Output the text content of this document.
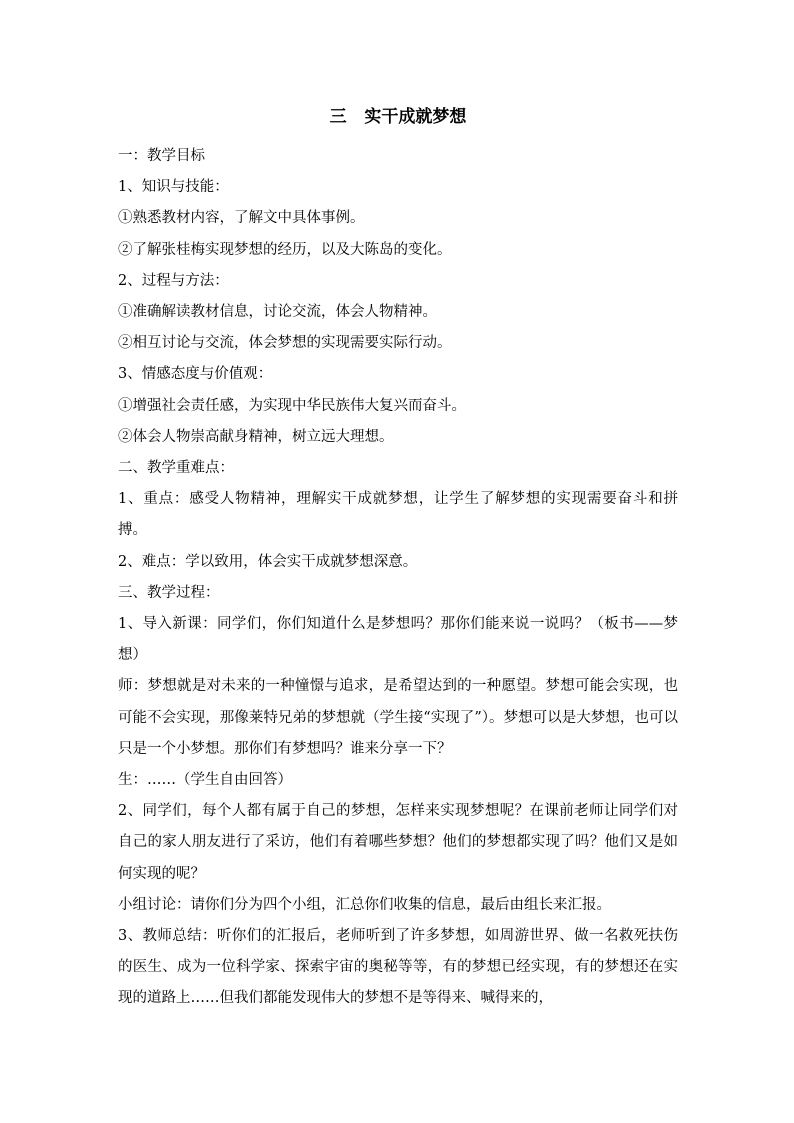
三   实干成就梦想

一：教学目标

1、知识与技能：

①熟悉教材内容，了解文中具体事例。

②了解张桂梅实现梦想的经历，以及大陈岛的变化。

2、过程与方法：

①准确解读教材信息，讨论交流，体会人物精神。

②相互讨论与交流，体会梦想的实现需要实际行动。

3、情感态度与价值观：

①增强社会责任感，为实现中华民族伟大复兴而奋斗。

②体会人物崇高献身精神，树立远大理想。

二、教学重难点：

1、重点：感受人物精神，理解实干成就梦想，让学生了解梦想的实现需要奋斗和拼搏。

2、难点：学以致用，体会实干成就梦想深意。

三、教学过程：

1、导入新课：同学们，你们知道什么是梦想吗？那你们能来说一说吗？（板书——梦想）

师：梦想就是对未来的一种憧憬与追求，是希望达到的一种愿望。梦想可能会实现，也可能不会实现，那像莱特兄弟的梦想就（学生接“实现了”）。梦想可以是大梦想，也可以只是一个小梦想。那你们有梦想吗？谁来分享一下？

生：……（学生自由回答）

2、同学们，每个人都有属于自己的梦想，怎样来实现梦想呢？在课前老师让同学们对自己的家人朋友进行了采访，他们有着哪些梦想？他们的梦想都实现了吗？他们又是如何实现的呢？

小组讨论：请你们分为四个小组，汇总你们收集的信息，最后由组长来汇报。

3、教师总结：听你们的汇报后，老师听到了许多梦想，如周游世界、做一名救死扶伤的医生、成为一位科学家、探索宇宙的奥秘等等，有的梦想已经实现，有的梦想还在实现的道路上……但我们都能发现伟大的梦想不是等得来、喊得来的，
